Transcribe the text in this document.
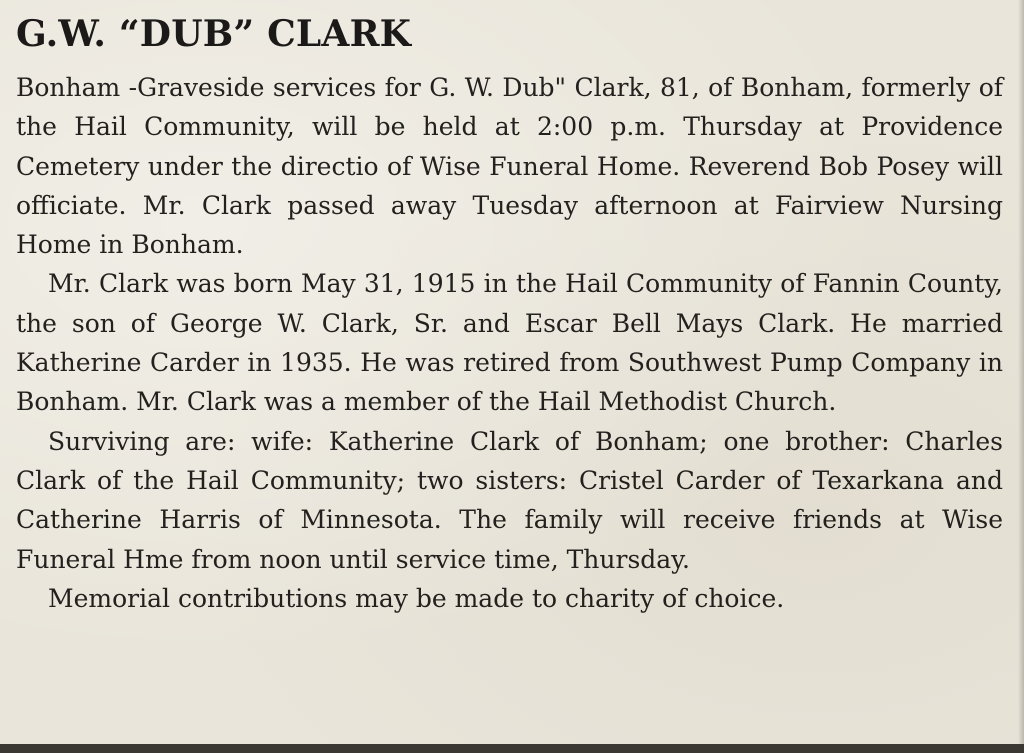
G.W. “DUB” CLARK

Bonham -Graveside services for G. W. Dub" Clark, 81, of Bonham, formerly of the Hail Community, will be held at 2:00 p.m. Thursday at Providence Cemetery under the directio of Wise Funeral Home. Reverend Bob Posey will officiate. Mr. Clark passed away Tuesday afternoon at Fairview Nursing Home in Bonham.

Mr. Clark was born May 31, 1915 in the Hail Community of Fannin County, the son of George W. Clark, Sr. and Escar Bell Mays Clark. He married Katherine Carder in 1935. He was retired from Southwest Pump Company in Bonham. Mr. Clark was a member of the Hail Methodist Church.

Surviving are: wife: Katherine Clark of Bonham; one brother: Charles Clark of the Hail Community; two sisters: Cristel Carder of Texarkana and Catherine Harris of Minnesota. The family will receive friends at Wise Funeral Hme from noon until service time, Thursday.

Memorial contributions may be made to charity of choice.
